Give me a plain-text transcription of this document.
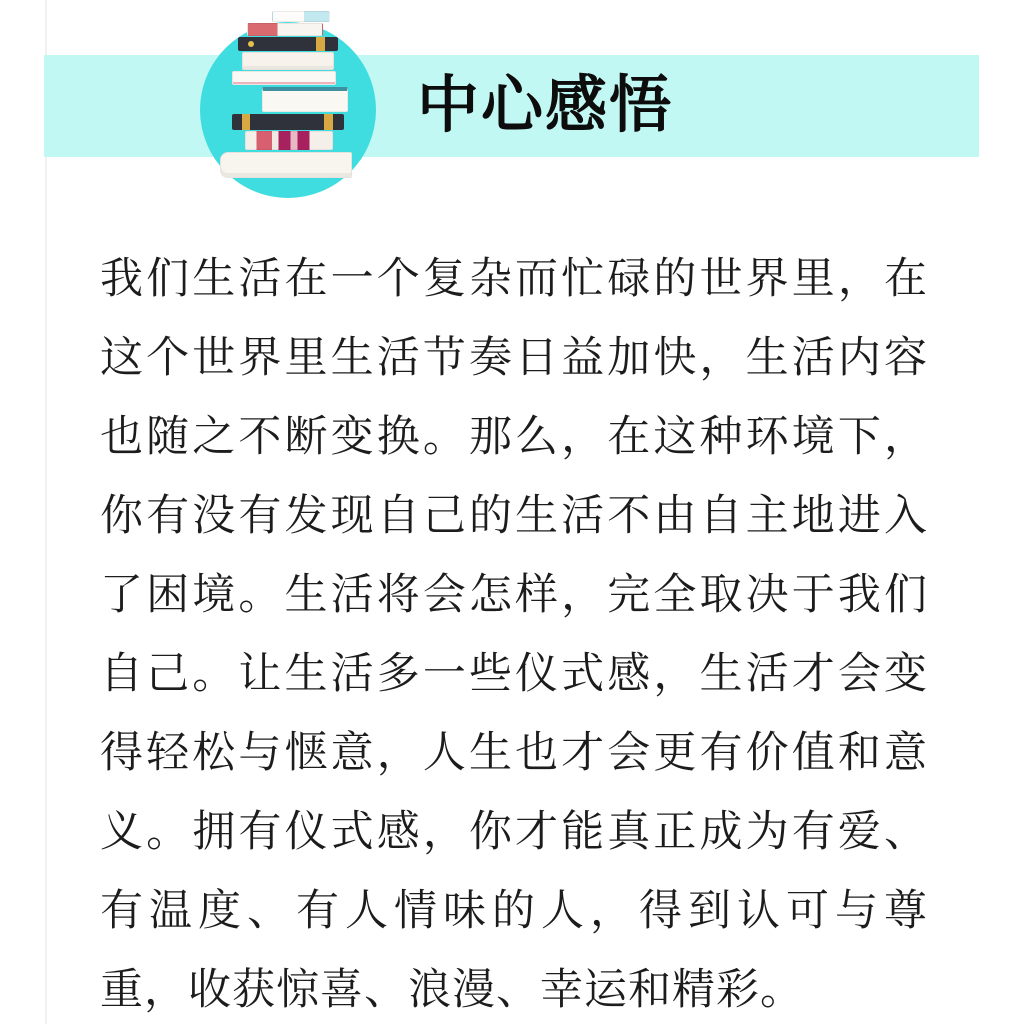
中心感悟
我们生活在一个复杂而忙碌的世界里，在这个世界里生活节奏日益加快，生活内容也随之不断变换。那么，在这种环境下，你有没有发现自己的生活不由自主地进入了困境。生活将会怎样，完全取决于我们自己。让生活多一些仪式感，生活才会变得轻松与惬意，人生也才会更有价值和意义。拥有仪式感，你才能真正成为有爱、有温度、有人情味的人，得到认可与尊重，收获惊喜、浪漫、幸运和精彩。
